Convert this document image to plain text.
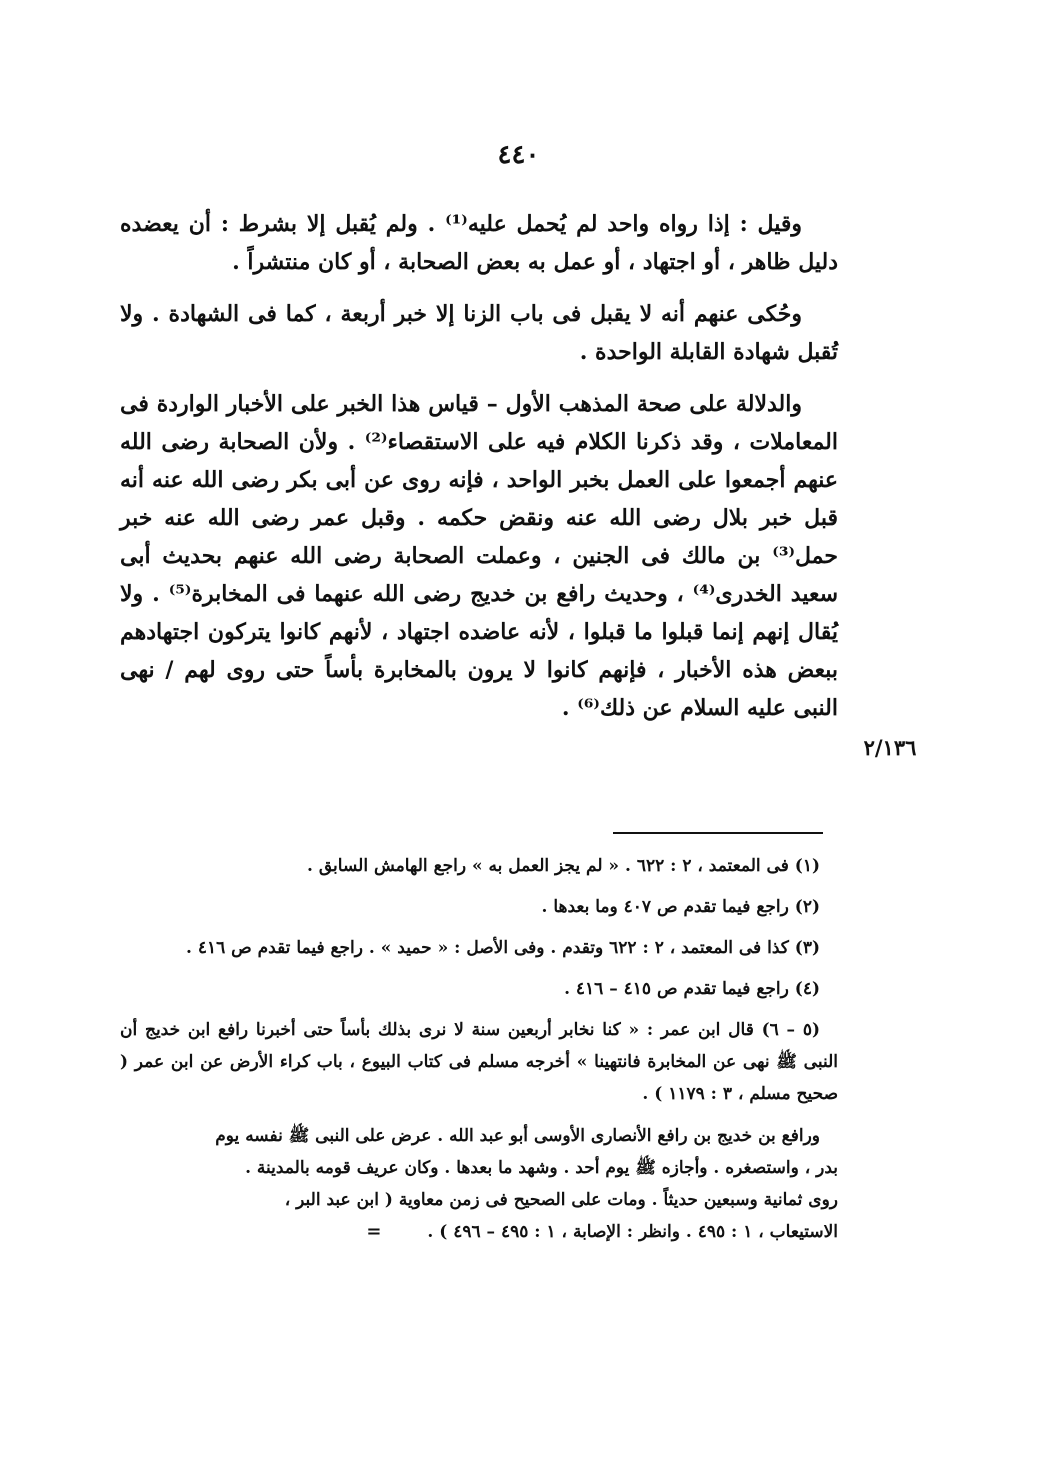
٤٤٠

وقيل : إذا رواه واحد لم يُحمل عليه⁽¹⁾ . ولم يُقبل إلا بشرط : أن يعضده دليل ظاهر ، أو اجتهاد ، أو عمل به بعض الصحابة ، أو كان منتشراً .

وحُكى عنهم أنه لا يقبل فى باب الزنا إلا خبر أربعة ، كما فى الشهادة . ولا تُقبل شهادة القابلة الواحدة .

والدلالة على صحة المذهب الأول – قياس هذا الخبر على الأخبار الواردة فى المعاملات ، وقد ذكرنا الكلام فيه على الاستقصاء⁽²⁾ . ولأن الصحابة رضى الله عنهم أجمعوا على العمل بخبر الواحد ، فإنه روى عن أبى بكر رضى الله عنه أنه قبل خبر بلال رضى الله عنه ونقض حكمه . وقبل عمر رضى الله عنه خبر حمل⁽³⁾ بن مالك فى الجنين ، وعملت الصحابة رضى الله عنهم بحديث أبى سعيد الخدرى⁽⁴⁾ ، وحديث رافع بن خديج رضى الله عنهما فى المخابرة⁽⁵⁾ . ولا يُقال إنهم إنما قبلوا ما قبلوا ، لأنه عاضده اجتهاد ، لأنهم كانوا يتركون اجتهادهم ببعض هذه الأخبار ، فإنهم كانوا لا يرون بالمخابرة بأساً حتى روى لهم / نهى النبى عليه السلام عن ذلك⁽⁶⁾ .

٢/١٣٦
(١) فى المعتمد ، ٢ : ٦٢٢ . « لم يجز العمل به » راجع الهامش السابق .
(٢) راجع فيما تقدم ص ٤٠٧ وما بعدها .
(٣) كذا فى المعتمد ، ٢ : ٦٢٢ وتقدم . وفى الأصل : « حميد » . راجع فيما تقدم ص ٤١٦ .
(٤) راجع فيما تقدم ص ٤١٥ – ٤١٦ .
(٥ – ٦) قال ابن عمر : « كنا نخابر أربعين سنة لا نرى بذلك بأساً حتى أخبرنا رافع ابن خديج أن النبى ﷺ نهى عن المخابرة فانتهينا » أخرجه مسلم فى كتاب البيوع ، باب كراء الأرض عن ابن عمر ( صحيح مسلم ، ٣ : ١١٧٩ ) .
ورافع بن خديج بن رافع الأنصارى الأوسى أبو عبد الله . عرض على النبى ﷺ نفسه يوم
بدر ، واستصغره . وأجازه ﷺ يوم أحد . وشهد ما بعدها . وكان عريف قومه بالمدينة .
روى ثمانية وسبعين حديثاً . ومات على الصحيح فى زمن معاوية ( ابن عبد البر ،
الاستيعاب ، ١ : ٤٩٥ . وانظر : الإصابة ، ١ : ٤٩٥ – ٤٩٦ ) . =
